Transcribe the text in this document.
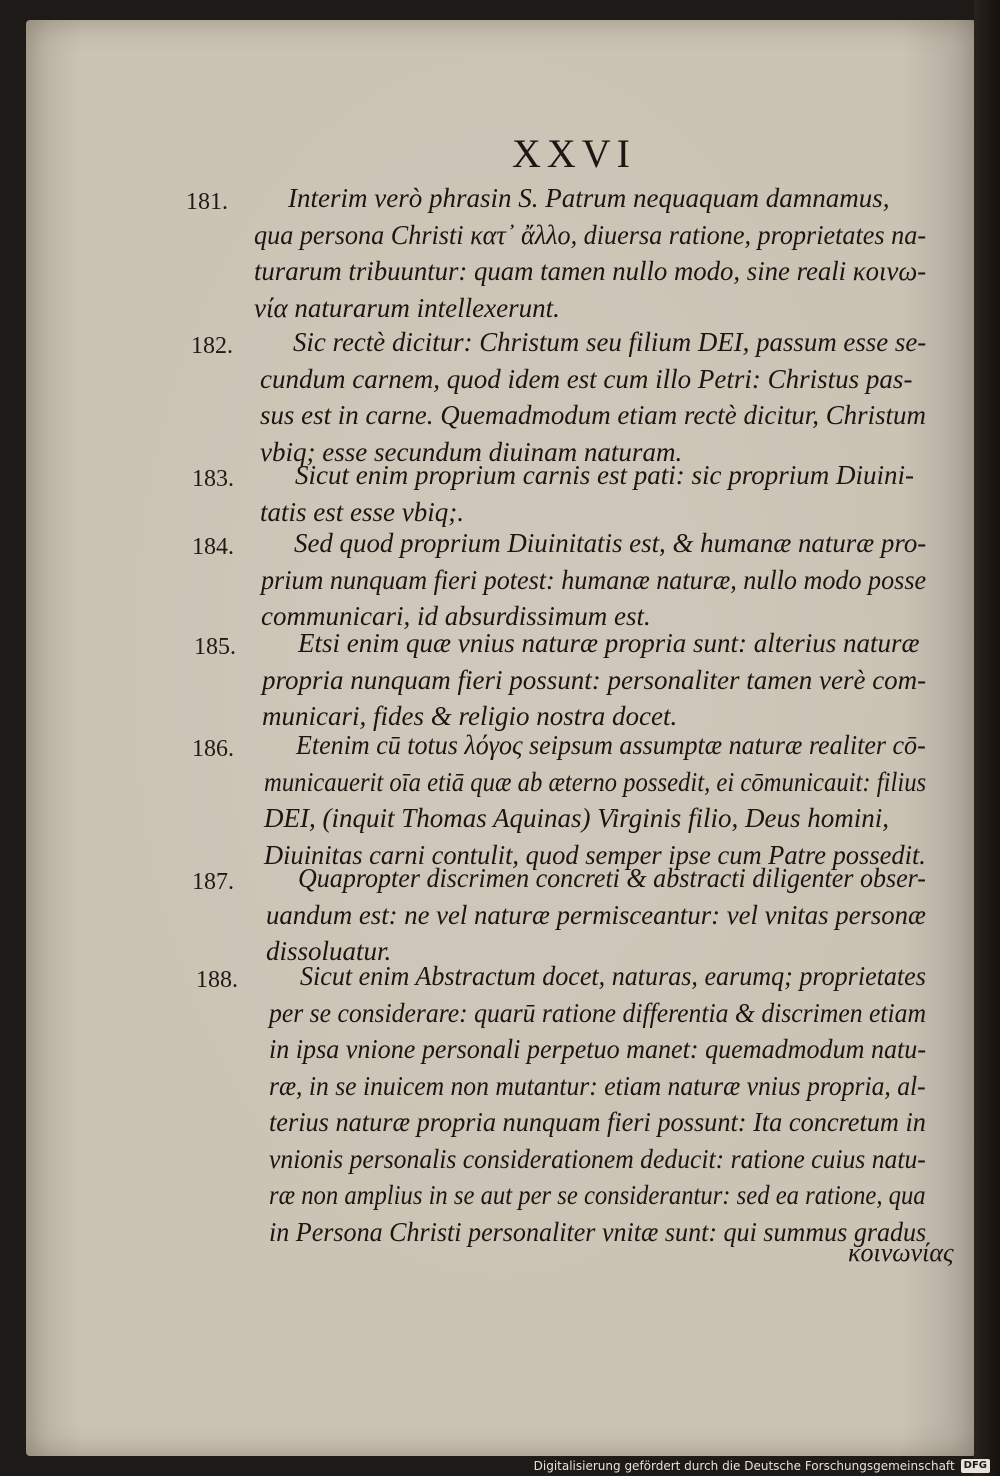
XXVI
181. Interim verò phrasin S. Patrum nequaquam damnamus,
qua persona Christi κατ᾽ ἄλλο, diuersa ratione, proprietates na-
turarum tribuuntur: quam tamen nullo modo, sine reali κοινω-
νία naturarum intellexerunt.
182. Sic rectè dicitur: Christum seu filium DEI, passum esse se-
cundum carnem, quod idem est cum illo Petri: Christus pas-
sus est in carne. Quemadmodum etiam rectè dicitur, Christum
vbiq; esse secundum diuinam naturam.
183. Sicut enim proprium carnis est pati: sic proprium Diuini-
tatis est esse vbiq;.
184. Sed quod proprium Diuinitatis est, & humanæ naturæ pro-
prium nunquam fieri potest: humanæ naturæ, nullo modo posse
communicari, id absurdissimum est.
185. Etsi enim quæ vnius naturæ propria sunt: alterius naturæ
propria nunquam fieri possunt: personaliter tamen verè com-
municari, fides & religio nostra docet.
186. Etenim cū totus λόγος seipsum assumptæ naturæ realiter cō-
municauerit oīa etiā quæ ab æterno possedit, ei cōmunicauit: filius
DEI, (inquit Thomas Aquinas) Virginis filio, Deus homini,
Diuinitas carni contulit, quod semper ipse cum Patre possedit.
187. Quapropter discrimen concreti & abstracti diligenter obser-
uandum est: ne vel naturæ permisceantur: vel vnitas personæ
dissoluatur.
188. Sicut enim Abstractum docet, naturas, earumq; proprietates
per se considerare: quarū ratione differentia & discrimen etiam
in ipsa vnione personali perpetuo manet: quemadmodum natu-
ræ, in se inuicem non mutantur: etiam naturæ vnius propria, al-
terius naturæ propria nunquam fieri possunt: Ita concretum in
vnionis personalis considerationem deducit: ratione cuius natu-
ræ non amplius in se aut per se considerantur: sed ea ratione, qua
in Persona Christi personaliter vnitæ sunt: qui summus gradus
κοινωνίας
Digitalisierung gefördert durch die Deutsche Forschungsgemeinschaft DFG
